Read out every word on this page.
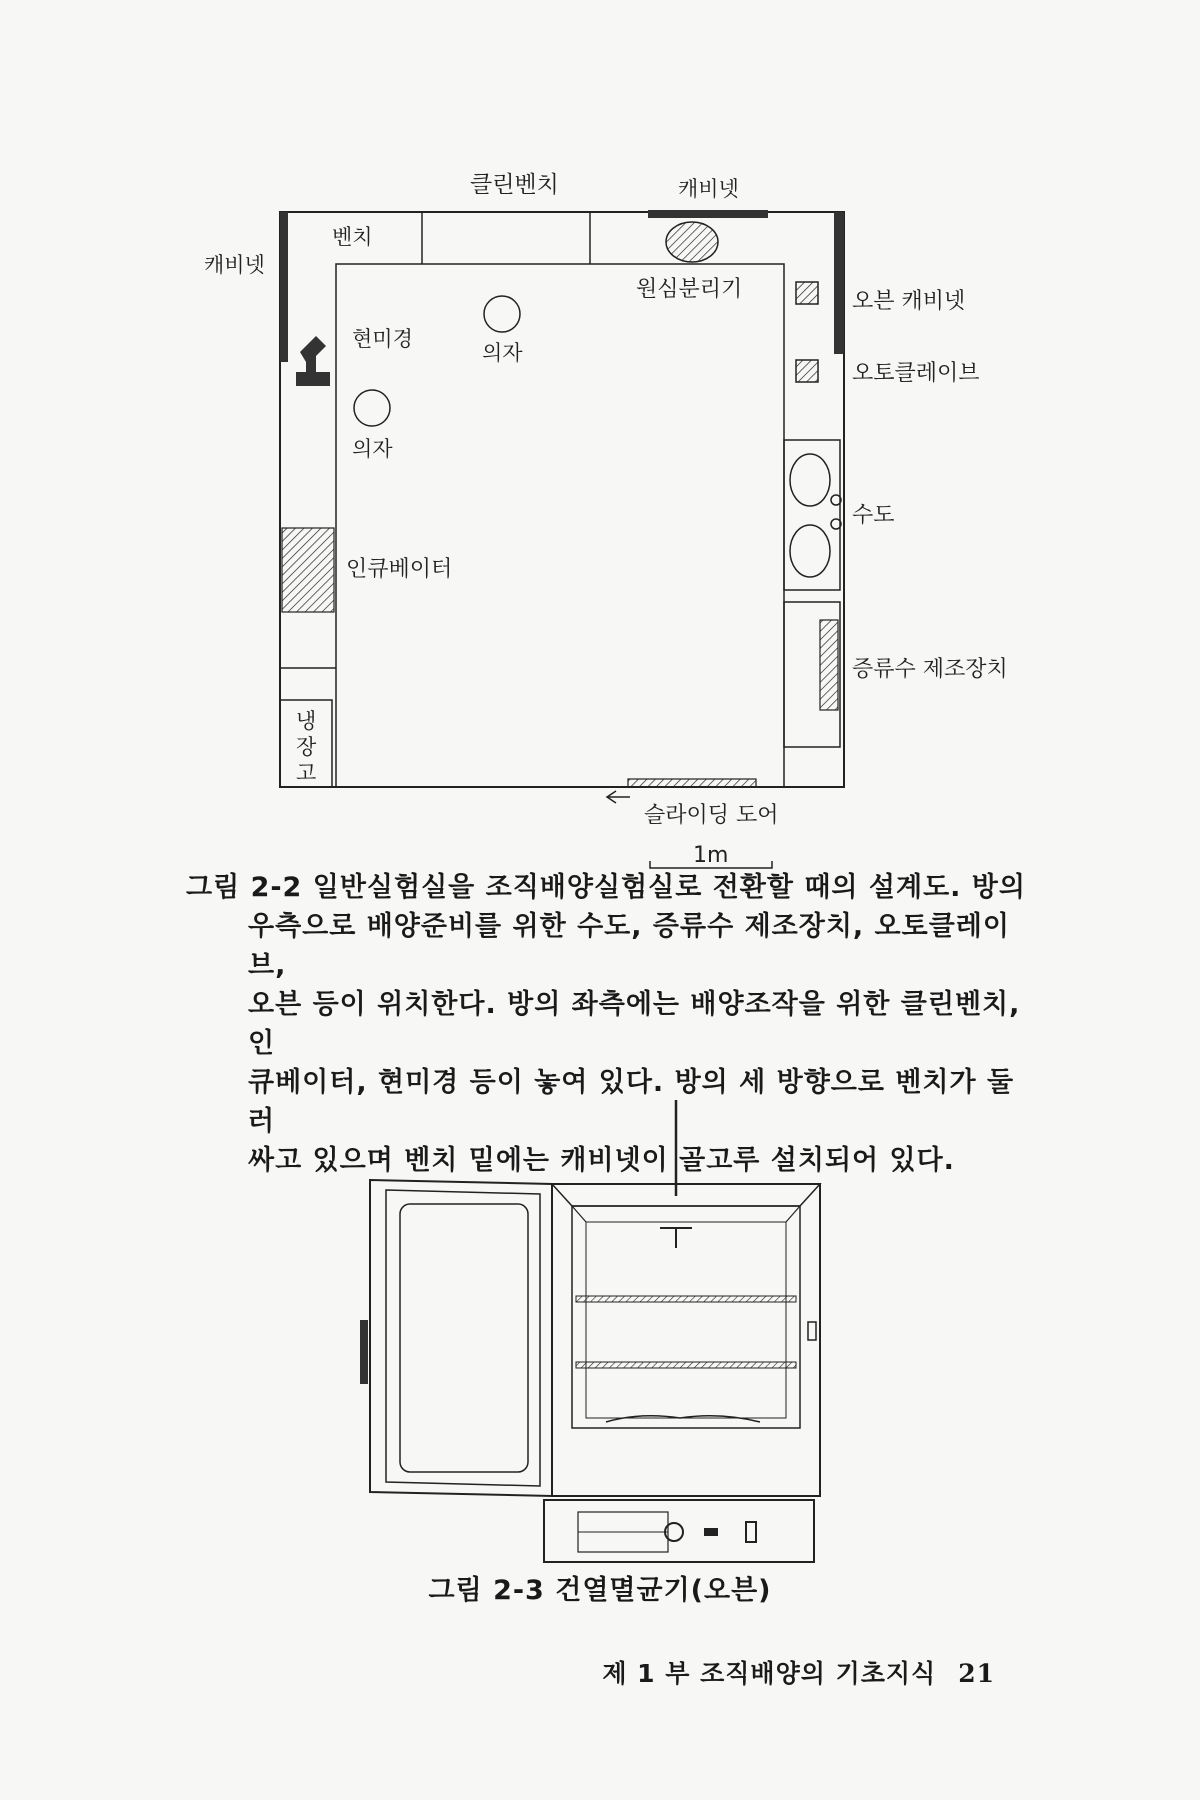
클린벤치	캐비넷
캐비넷
벤치
원심분리기	오븐 캐비넷
오토클레이브
현미경
의자
의자
수도
인큐베이터
증류수 제조장치
냉
장
고
슬라이딩 도어
1m
그림 2-2 일반실험실을 조직배양실험실로 전환할 때의 설계도. 방의
우측으로 배양준비를 위한 수도, 증류수 제조장치, 오토클레이브,
오븐 등이 위치한다. 방의 좌측에는 배양조작을 위한 클린벤치, 인
큐베이터, 현미경 등이 놓여 있다. 방의 세 방향으로 벤치가 둘러
싸고 있으며 벤치 밑에는 캐비넷이 골고루 설치되어 있다.
그림 2-3 건열멸균기(오븐)
제 1 부 조직배양의 기초지식 21
